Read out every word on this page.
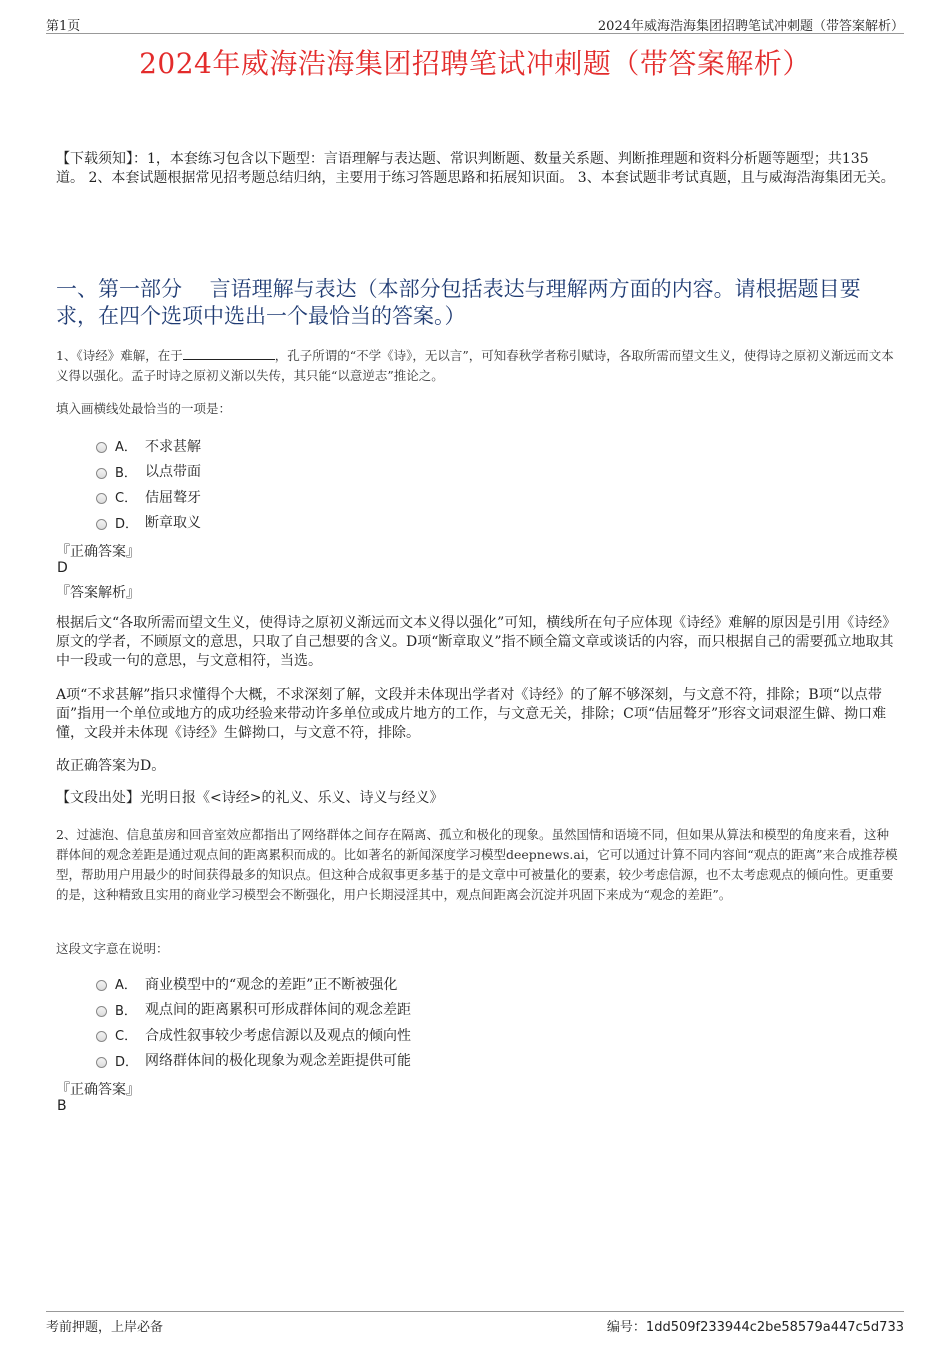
第1页	2024年威海浩海集团招聘笔试冲刺题（带答案解析）
2024年威海浩海集团招聘笔试冲刺题（带答案解析）
【下载须知】：1，本套练习包含以下题型：言语理解与表达题、常识判断题、数量关系题、判断推理题和资料分析题等题型；共135道。 2、本套试题根据常见招考题总结归纳，主要用于练习答题思路和拓展知识面。 3、本套试题非考试真题，且与威海浩海集团无关。
一、第一部分　 言语理解与表达（本部分包括表达与理解两方面的内容。请根据题目要求，在四个选项中选出一个最恰当的答案。）
1、《诗经》难解，在于	，孔子所谓的“不学《诗》，无以言”，可知春秋学者称引赋诗，各取所需而望文生义，使得诗之原初义渐远而文本义得以强化。孟子时诗之原初义渐以失传，其只能“以意逆志”推论之。
填入画横线处最恰当的一项是：
A． 不求甚解
B． 以点带面
C． 佶屈聱牙
D． 断章取义
『正确答案』
D
『答案解析』
根据后文“各取所需而望文生义，使得诗之原初义渐远而文本义得以强化”可知，横线所在句子应体现《诗经》难解的原因是引用《诗经》原文的学者，不顾原文的意思，只取了自己想要的含义。D项“断章取义”指不顾全篇文章或谈话的内容，而只根据自己的需要孤立地取其中一段或一句的意思，与文意相符，当选。
A项“不求甚解”指只求懂得个大概，不求深刻了解，文段并未体现出学者对《诗经》的了解不够深刻，与文意不符，排除；B项“以点带面”指用一个单位或地方的成功经验来带动许多单位或成片地方的工作，与文意无关，排除；C项“佶屈聱牙”形容文词艰涩生僻、拗口难懂，文段并未体现《诗经》生僻拗口，与文意不符，排除。
故正确答案为D。
【文段出处】光明日报《<诗经>的礼义、乐义、诗义与经义》
2、过滤泡、信息茧房和回音室效应都指出了网络群体之间存在隔离、孤立和极化的现象。虽然国情和语境不同，但如果从算法和模型的角度来看，这种群体间的观念差距是通过观点间的距离累积而成的。比如著名的新闻深度学习模型deepnews.ai，它可以通过计算不同内容间“观点的距离”来合成推荐模型，帮助用户用最少的时间获得最多的知识点。但这种合成叙事更多基于的是文章中可被量化的要素，较少考虑信源，也不太考虑观点的倾向性。更重要的是，这种精致且实用的商业学习模型会不断强化，用户长期浸淫其中，观点间距离会沉淀并巩固下来成为“观念的差距”。
这段文字意在说明：
A． 商业模型中的“观念的差距”正不断被强化
B． 观点间的距离累积可形成群体间的观念差距
C． 合成性叙事较少考虑信源以及观点的倾向性
D． 网络群体间的极化现象为观念差距提供可能
『正确答案』
B
考前押题，上岸必备	编号：1dd509f233944c2be58579a447c5d733
